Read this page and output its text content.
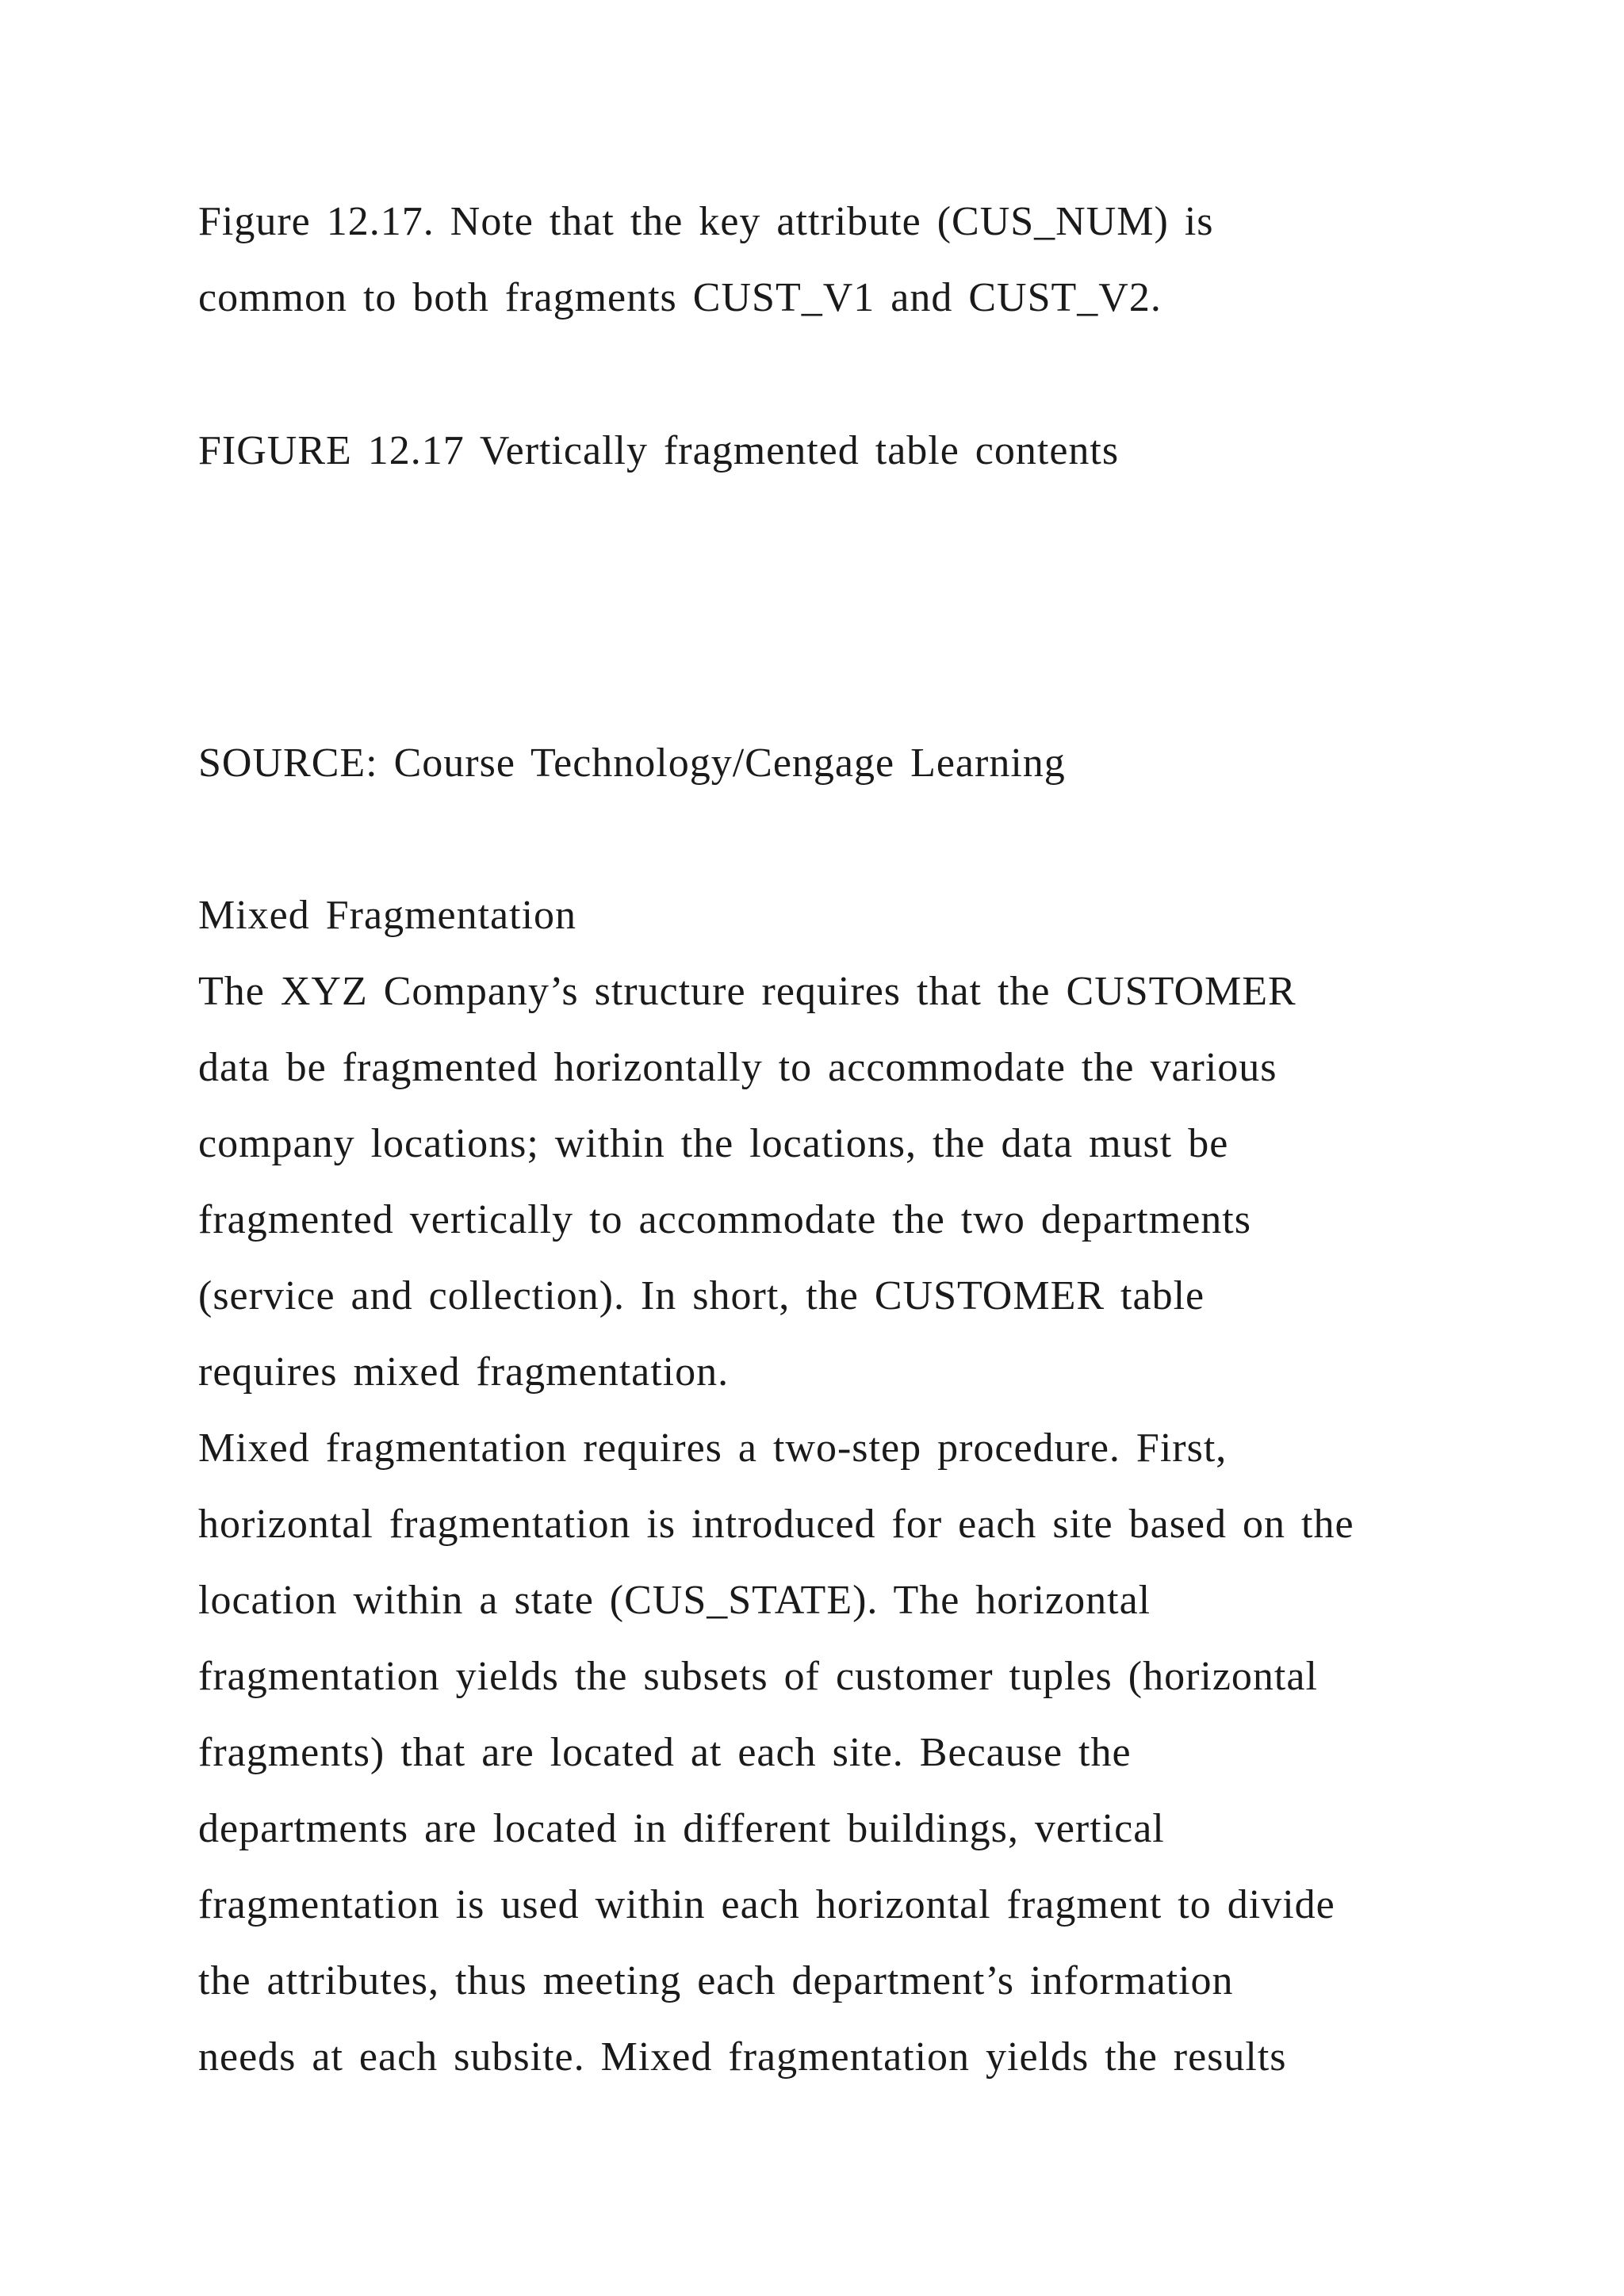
Figure 12.17. Note that the key attribute (CUS_NUM) is
common to both fragments CUST_V1 and CUST_V2.
FIGURE 12.17 Vertically fragmented table contents
SOURCE: Course Technology/Cengage Learning
Mixed Fragmentation
The XYZ Company’s structure requires that the CUSTOMER
data be fragmented horizontally to accommodate the various
company locations; within the locations, the data must be
fragmented vertically to accommodate the two departments
(service and collection). In short, the CUSTOMER table
requires mixed fragmentation.
Mixed fragmentation requires a two-step procedure. First,
horizontal fragmentation is introduced for each site based on the
location within a state (CUS_STATE). The horizontal
fragmentation yields the subsets of customer tuples (horizontal
fragments) that are located at each site. Because the
departments are located in different buildings, vertical
fragmentation is used within each horizontal fragment to divide
the attributes, thus meeting each department’s information
needs at each subsite. Mixed fragmentation yields the results
